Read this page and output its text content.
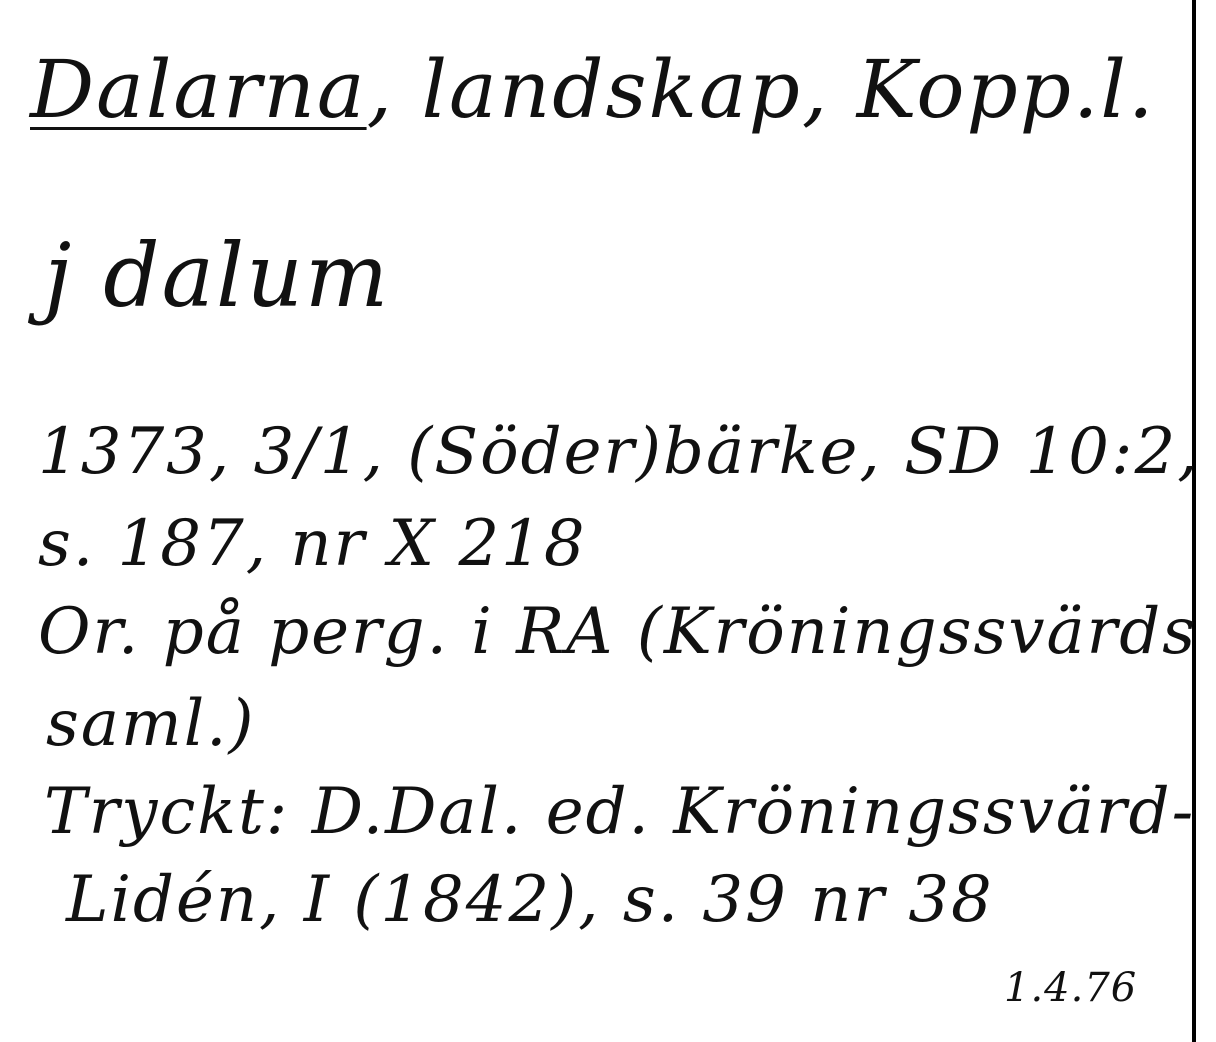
Dalarna, landskap, Kopp.l.
j dalum
1373, 3/1, (Söder)bärke, SD 10:2,
s. 187, nr X 218
Or. på perg. i RA (Kröningssvärds
saml.)
Tryckt: D.Dal. ed. Kröningssvärd-
Lidén, I (1842), s. 39 nr 38
1.4.76
